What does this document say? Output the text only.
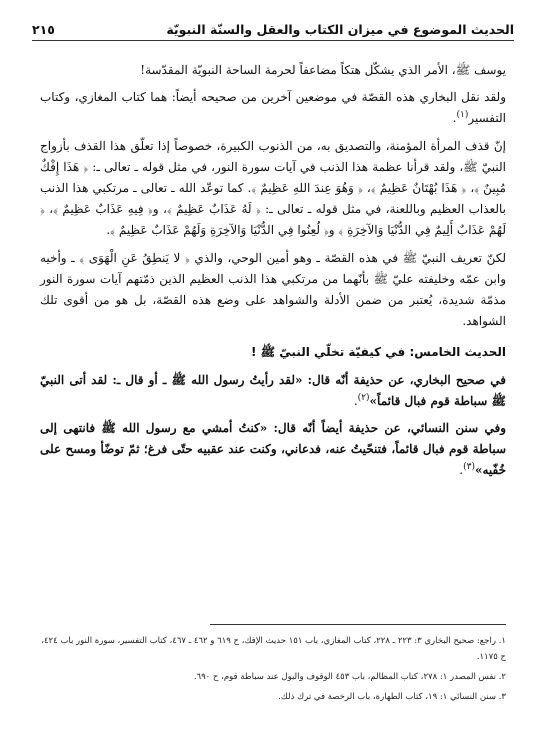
الحديث الموضوع في ميزان الكتاب والعقل والسنّة النبويّة
٢١٥

يوسف ﷺ، الأمر الذي يشكّل هتكاً مضاعفاً لحرمة الساحة النبويّة المقدّسة!

ولقد نقل البخاري هذه القصّة في موضعين آخرين من صحيحه أيضاً: هما كتاب المغازي، وكتاب التفسير$^{(١)}$.

إنّ قذف المرأة المؤمنة، والتصديق به، من الذنوب الكبيرة، خصوصاً إذا تعلّق هذا القذف بأزواج النبيّ ﷺ، ولقد قرأنا عظمة هذا الذنب في آيات سورة النور، في مثل قوله ـ تعالى ـ: ﴿ هَذَا إِفْكٌ مُبِينٌ ﴾، ﴿ هَذَا بُهْتَانٌ عَظِيمٌ ﴾، ﴿ وَهُوَ عِندَ اللهِ عَظِيمٌ ﴾. كما توعّد الله ـ تعالى ـ مرتكبي هذا الذنب بالعذاب العظيم وباللعنة، في مثل قوله ـ تعالى ـ: ﴿ لَهُ عَذَابٌ عَظِيمٌ ﴾، و﴿ فِيهِ عَذَابٌ عَظِيمٌ ﴾، ﴿ لَهُمْ عَذَابٌ أَلِيمٌ فِي الدُّنْيَا وَالآخِرَةِ ﴾ و﴿ لُعِنُوا فِي الدُّنْيَا وَالآخِرَةِ وَلَهُمْ عَذَابٌ عَظِيمٌ ﴾.

لكنّ تعريف النبيّ ﷺ في هذه القصّة ـ وهو أمين الوحي، والذي ﴿ لا يَنطِقُ عَنِ الْهَوَى ﴾ ـ وأخيه وابن عمّه وخليفته عليّ ﷺ بأنّهما من مرتكبي هذا الذنب العظيم الذين ذمّتهم آيات سورة النور مذمّة شديدة، يُعتبر من ضمن الأدلة والشواهد على وضع هذه القصّة، بل هو من أقوى تلك الشواهد.

الحديث الخامس: في كيفيّة تخلّي النبيّ ﷺ !

في صحيح البخاري، عن حذيفة أنّه قال: «لقد رأيتُ رسول الله ﷺ ـ أو قال ـ: لقد أتى النبيّ ﷺ سباطة قوم فبال قائماً»$^{(٢)}$.

وفي سنن النسائي، عن حذيفة أيضاً أنّه قال: «كنتُ أمشي مع رسول الله ﷺ فانتهى إلى سباطة قوم فبال قائماً، فتنحّيتُ عنه، فدعاني، وكنت عند عقبيه حتّى فرغ؛ ثمّ توضّأ ومسح على خُفّيه»$^{(٣)}$.

١. راجع: صحيح البخاري ٣: ٢٢٣ ـ ٢٢٨، كتاب المغازي، باب ١٥١ حديث الإفك، ح ٦١٩ و ٤٦٢ ـ ٤٦٧، كتاب التفسير، سورة النور باب ٤٢٤، ح ١١٧٥.
٢. نفس المصدر ١: ٢٧٨، كتاب المظالم، باب ٤٥٣ الوقوف والبول عند سباطة قوم، ح ٦٩٠.
٣. سنن النسائي ١: ١٩، كتاب الطهارة، باب الرخصة في ترك ذلك.
